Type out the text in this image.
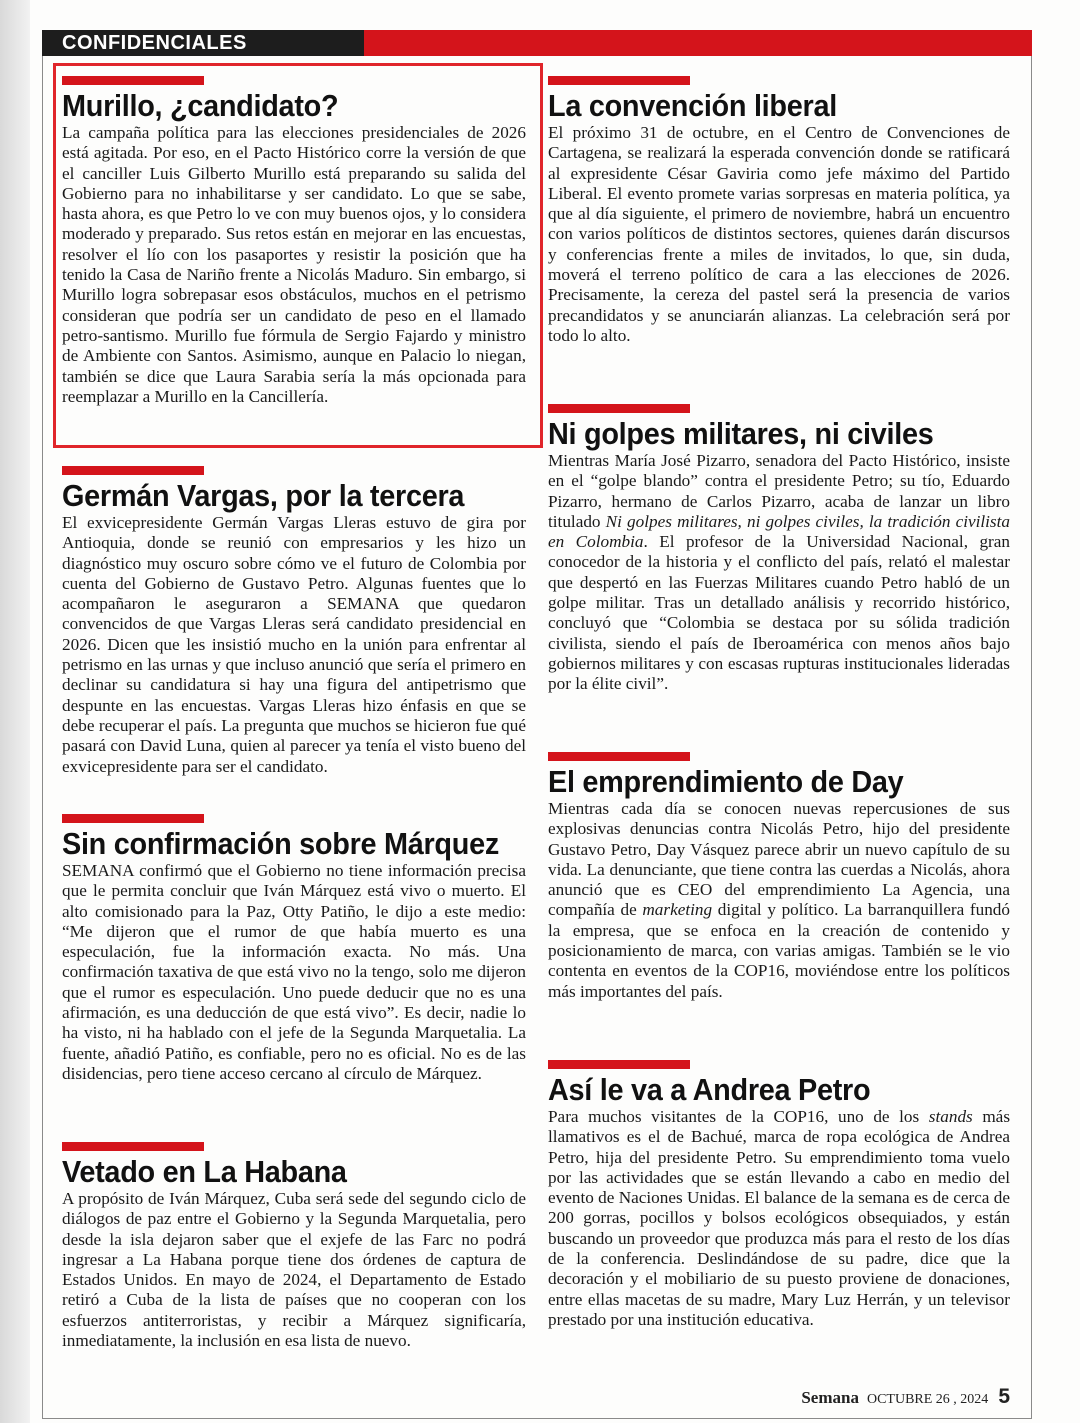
CONFIDENCIALES
Murillo, ¿candidato?

La campaña política para las elecciones presidenciales de 2026 está agitada. Por eso, en el Pacto Histórico corre la versión de que el canciller Luis Gilberto Murillo está preparando su salida del Gobierno para no inhabilitarse y ser candidato. Lo que se sabe, hasta ahora, es que Petro lo ve con muy buenos ojos, y lo considera moderado y preparado. Sus retos están en mejorar en las encuestas, resolver el lío con los pasaportes y resistir la posición que ha tenido la Casa de Nariño frente a Nicolás Maduro. Sin embargo, si Murillo logra sobrepasar esos obstáculos, muchos en el petrismo consideran que podría ser un candidato de peso en el llamado petro-santismo. Murillo fue fórmula de Sergio Fajardo y ministro de Ambiente con Santos. Asimismo, aunque en Palacio lo niegan, también se dice que Laura Sarabia sería la más opcionada para reemplazar a Murillo en la Cancillería.

Germán Vargas, por la tercera

El exvicepresidente Germán Vargas Lleras estuvo de gira por Antioquia, donde se reunió con empresarios y les hizo un diagnóstico muy oscuro sobre cómo ve el futuro de Colombia por cuenta del Gobierno de Gustavo Petro. Algunas fuentes que lo acompañaron le aseguraron a SEMANA que quedaron convencidos de que Vargas Lleras será candidato presidencial en 2026. Dicen que les insistió mucho en la unión para enfrentar al petrismo en las urnas y que incluso anunció que sería el primero en declinar su candidatura si hay una figura del antipetrismo que despunte en las encuestas. Vargas Lleras hizo énfasis en que se debe recuperar el país. La pregunta que muchos se hicieron fue qué pasará con David Luna, quien al parecer ya tenía el visto bueno del exvicepresidente para ser el candidato.

Sin confirmación sobre Márquez

SEMANA confirmó que el Gobierno no tiene información precisa que le permita concluir que Iván Márquez está vivo o muerto. El alto comisionado para la Paz, Otty Patiño, le dijo a este medio: “Me dijeron que el rumor de que había muerto es una especulación, fue la información exacta. No más. Una confirmación taxativa de que está vivo no la tengo, solo me dijeron que el rumor es especulación. Uno puede deducir que no es una afirmación, es una deducción de que está vivo”. Es decir, nadie lo ha visto, ni ha hablado con el jefe de la Segunda Marquetalia. La fuente, añadió Patiño, es confiable, pero no es oficial. No es de las disidencias, pero tiene acceso cercano al círculo de Márquez.

Vetado en La Habana

A propósito de Iván Márquez, Cuba será sede del segundo ciclo de diálogos de paz entre el Gobierno y la Segunda Marquetalia, pero desde la isla dejaron saber que el exjefe de las Farc no podrá ingresar a La Habana porque tiene dos órdenes de captura de Estados Unidos. En mayo de 2024, el Departamento de Estado retiró a Cuba de la lista de países que no cooperan con los esfuerzos antiterroristas, y recibir a Márquez significaría, inmediatamente, la inclusión en esa lista de nuevo.

La convención liberal

El próximo 31 de octubre, en el Centro de Convenciones de Cartagena, se realizará la esperada convención donde se ratificará al expresidente César Gaviria como jefe máximo del Partido Liberal. El evento promete varias sorpresas en materia política, ya que al día siguiente, el primero de noviembre, habrá un encuentro con varios políticos de distintos sectores, quienes darán discursos y conferencias frente a miles de invitados, lo que, sin duda, moverá el terreno político de cara a las elecciones de 2026. Precisamente, la cereza del pastel será la presencia de varios precandidatos y se anunciarán alianzas. La celebración será por todo lo alto.

Ni golpes militares, ni civiles

Mientras María José Pizarro, senadora del Pacto Histórico, insiste en el “golpe blando” contra el presidente Petro; su tío, Eduardo Pizarro, hermano de Carlos Pizarro, acaba de lanzar un libro titulado Ni golpes militares, ni golpes civiles, la tradición civilista en Colombia. El profesor de la Universidad Nacional, gran conocedor de la historia y el conflicto del país, relató el malestar que despertó en las Fuerzas Militares cuando Petro habló de un golpe militar. Tras un detallado análisis y recorrido histórico, concluyó que “Colombia se destaca por su sólida tradición civilista, siendo el país de Iberoamérica con menos años bajo gobiernos militares y con escasas rupturas institucionales lideradas por la élite civil”.

El emprendimiento de Day

Mientras cada día se conocen nuevas repercusiones de sus explosivas denuncias contra Nicolás Petro, hijo del presidente Gustavo Petro, Day Vásquez parece abrir un nuevo capítulo de su vida. La denunciante, que tiene contra las cuerdas a Nicolás, ahora anunció que es CEO del emprendimiento La Agencia, una compañía de marketing digital y político. La barranquillera fundó la empresa, que se enfoca en la creación de contenido y posicionamiento de marca, con varias amigas. También se le vio contenta en eventos de la COP16, moviéndose entre los políticos más importantes del país.

Así le va a Andrea Petro

Para muchos visitantes de la COP16, uno de los stands más llamativos es el de Bachué, marca de ropa ecológica de Andrea Petro, hija del presidente Petro. Su emprendimiento toma vuelo por las actividades que se están llevando a cabo en medio del evento de Naciones Unidas. El balance de la semana es de cerca de 200 gorras, pocillos y bolsos ecológicos obsequiados, y están buscando un proveedor que produzca más para el resto de los días de la conferencia. Deslindándose de su padre, dice que la decoración y el mobiliario de su puesto proviene de donaciones, entre ellas macetas de su madre, Mary Luz Herrán, y un televisor prestado por una institución educativa.

Semana OCTUBRE 26 , 2024 5
